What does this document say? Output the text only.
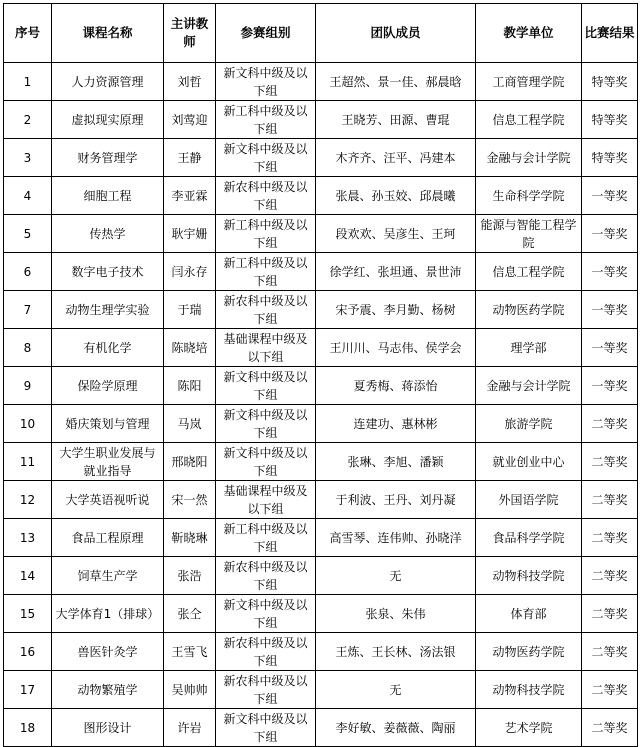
序号	课程名称	主讲教师	参赛组别	团队成员	教学单位	比赛结果
1	人力资源管理	刘哲	新文科中级及以下组	王超然、景一佳、郝晨晗	工商管理学院	特等奖
2	虚拟现实原理	刘莺迎	新工科中级及以下组	王晓芳、田源、曹琨	信息工程学院	特等奖
3	财务管理学	王静	新文科中级及以下组	木齐齐、汪平、冯建本	金融与会计学院	特等奖
4	细胞工程	李亚霖	新农科中级及以下组	张晨、孙玉姣、邱晨曦	生命科学学院	一等奖
5	传热学	耿宇姗	新工科中级及以下组	段欢欢、吴彦生、王珂	能源与智能工程学院	一等奖
6	数字电子技术	闫永存	新工科中级及以下组	徐学红、张坦通、景世沛	信息工程学院	一等奖
7	动物生理学实验	于瑞	新农科中级及以下组	宋予震、李月勤、杨树	动物医药学院	一等奖
8	有机化学	陈晓培	基础课程中级及以下组	王川川、马志伟、侯学会	理学部	一等奖
9	保险学原理	陈阳	新文科中级及以下组	夏秀梅、蒋添怡	金融与会计学院	一等奖
10	婚庆策划与管理	马岚	新文科中级及以下组	连建功、惠林彬	旅游学院	二等奖
11	大学生职业发展与就业指导	邢晓阳	新文科中级及以下组	张琳、李旭、潘颖	就业创业中心	二等奖
12	大学英语视听说	宋一然	基础课程中级及以下组	于利波、王丹、刘丹凝	外国语学院	二等奖
13	食品工程原理	靳晓琳	新工科中级及以下组	高雪琴、连伟帅、孙晓洋	食品科学学院	二等奖
14	饲草生产学	张浩	新农科中级及以下组	无	动物科技学院	二等奖
15	大学体育1（排球）	张仝	新文科中级及以下组	张泉、朱伟	体育部	二等奖
16	兽医针灸学	王雪飞	新农科中级及以下组	王炼、王长林、汤法银	动物医药学院	二等奖
17	动物繁殖学	吴帅帅	新农科中级及以下组	无	动物科技学院	二等奖
18	图形设计	许岩	新文科中级及以下组	李好敏、姜薇薇、陶丽	艺术学院	二等奖
